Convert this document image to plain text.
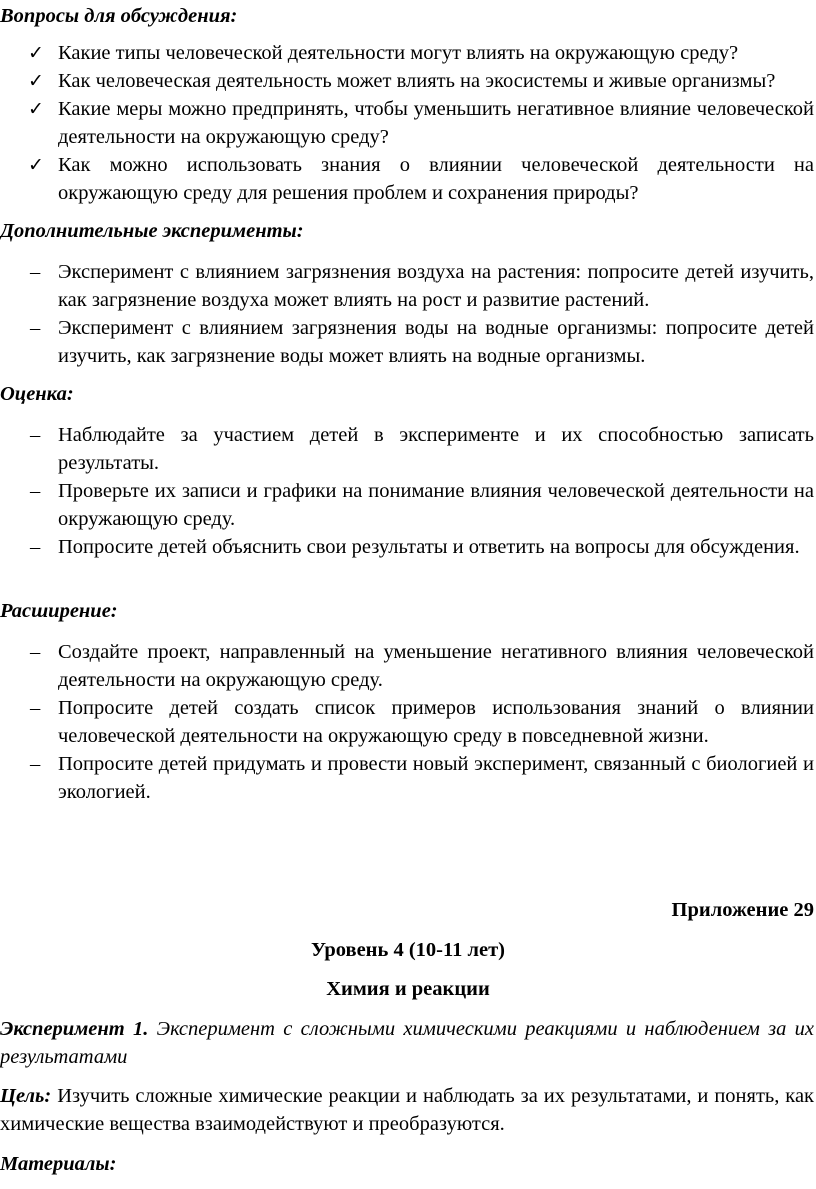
Вопросы для обсуждения:
✓ Какие типы человеческой деятельности могут влиять на окружающую среду?
✓ Как человеческая деятельность может влиять на экосистемы и живые организмы?
✓ Какие меры можно предпринять, чтобы уменьшить негативное влияние человеческой деятельности на окружающую среду?
✓ Как можно использовать знания о влиянии человеческой деятельности на окружающую среду для решения проблем и сохранения природы?
Дополнительные эксперименты:
– Эксперимент с влиянием загрязнения воздуха на растения: попросите детей изучить, как загрязнение воздуха может влиять на рост и развитие растений.
– Эксперимент с влиянием загрязнения воды на водные организмы: попросите детей изучить, как загрязнение воды может влиять на водные организмы.
Оценка:
– Наблюдайте за участием детей в эксперименте и их способностью записать результаты.
– Проверьте их записи и графики на понимание влияния человеческой деятельности на окружающую среду.
– Попросите детей объяснить свои результаты и ответить на вопросы для обсуждения.
Расширение:
– Создайте проект, направленный на уменьшение негативного влияния человеческой деятельности на окружающую среду.
– Попросите детей создать список примеров использования знаний о влиянии человеческой деятельности на окружающую среду в повседневной жизни.
– Попросите детей придумать и провести новый эксперимент, связанный с биологией и экологией.
Приложение 29
Уровень 4 (10-11 лет)
Химия и реакции
Эксперимент 1. Эксперимент с сложными химическими реакциями и наблюдением за их результатами
Цель: Изучить сложные химические реакции и наблюдать за их результатами, и понять, как химические вещества взаимодействуют и преобразуются.
Материалы:
